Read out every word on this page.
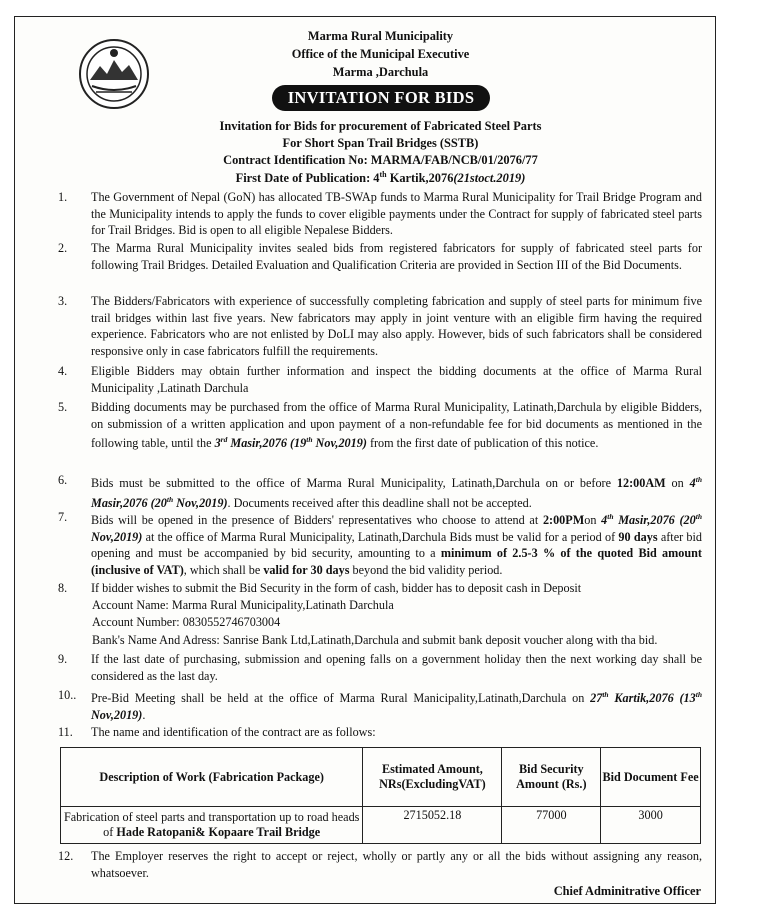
Marma Rural Municipality
Office of the Municipal Executive
Marma ,Darchula
INVITATION FOR BIDS
Invitation for Bids for procurement of Fabricated Steel Parts
For Short Span Trail Bridges (SSTB)
Contract Identification No: MARMA/FAB/NCB/01/2076/77
First Date of Publication: 4th Kartik,2076(21stoct.2019)
1. The Government of Nepal (GoN) has allocated TB-SWAp funds to Marma Rural Municipality for Trail Bridge Program and the Municipality intends to apply the funds to cover eligible payments under the Contract for supply of fabricated steel parts for Trail Bridges. Bid is open to all eligible Nepalese Bidders.
2. The Marma Rural Municipality invites sealed bids from registered fabricators for supply of fabricated steel parts for following Trail Bridges. Detailed Evaluation and Qualification Criteria are provided in Section III of the Bid Documents.
3. The Bidders/Fabricators with experience of successfully completing fabrication and supply of steel parts for minimum five trail bridges within last five years. New fabricators may apply in joint venture with an eligible firm having the required experience. Fabricators who are not enlisted by DoLI may also apply. However, bids of such fabricators shall be considered responsive only in case fabricators fulfill the requirements.
4. Eligible Bidders may obtain further information and inspect the bidding documents at the office of Marma Rural Municipality ,Latinath Darchula
5. Bidding documents may be purchased from the office of Marma Rural Municipality, Latinath,Darchula by eligible Bidders, on submission of a written application and upon payment of a non-refundable fee for bid documents as mentioned in the following table, until the 3rd Masir,2076 (19th Nov,2019) from the first date of publication of this notice.
6. Bids must be submitted to the office of Marma Rural Municipality, Latinath,Darchula on or before 12:00AM on 4th Masir,2076 (20th Nov,2019). Documents received after this deadline shall not be accepted.
7. Bids will be opened in the presence of Bidders' representatives who choose to attend at 2:00PMon 4th Masir,2076 (20th Nov,2019) at the office of Marma Rural Municipality, Latinath,Darchula Bids must be valid for a period of 90 days after bid opening and must be accompanied by bid security, amounting to a minimum of 2.5-3 % of the quoted Bid amount (inclusive of VAT), which shall be valid for 30 days beyond the bid validity period.
8. If bidder wishes to submit the Bid Security in the form of cash, bidder has to deposit cash in Deposit
Account Name: Marma Rural Municipality,Latinath Darchula
Account Number: 0830552746703004
Bank's Name And Adress: Sanrise Bank Ltd,Latinath,Darchula and submit bank deposit voucher along with tha bid.
9. If the last date of purchasing, submission and opening falls on a government holiday then the next working day shall be considered as the last day.
10.. Pre-Bid Meeting shall be held at the office of Marma Rural Manicipality,Latinath,Darchula on 27th Kartik,2076 (13th Nov,2019).
11. The name and identification of the contract are as follows:
Description of Work (Fabrication Package)	Estimated Amount, NRs(ExcludingVAT)	Bid Security Amount (Rs.)	Bid Document Fee
Fabrication of steel parts and transportation up to road heads of Hade Ratopani& Kopaare Trail Bridge	2715052.18	77000	3000
12. The Employer reserves the right to accept or reject, wholly or partly any or all the bids without assigning any reason, whatsoever.
Chief Adminitrative Officer
